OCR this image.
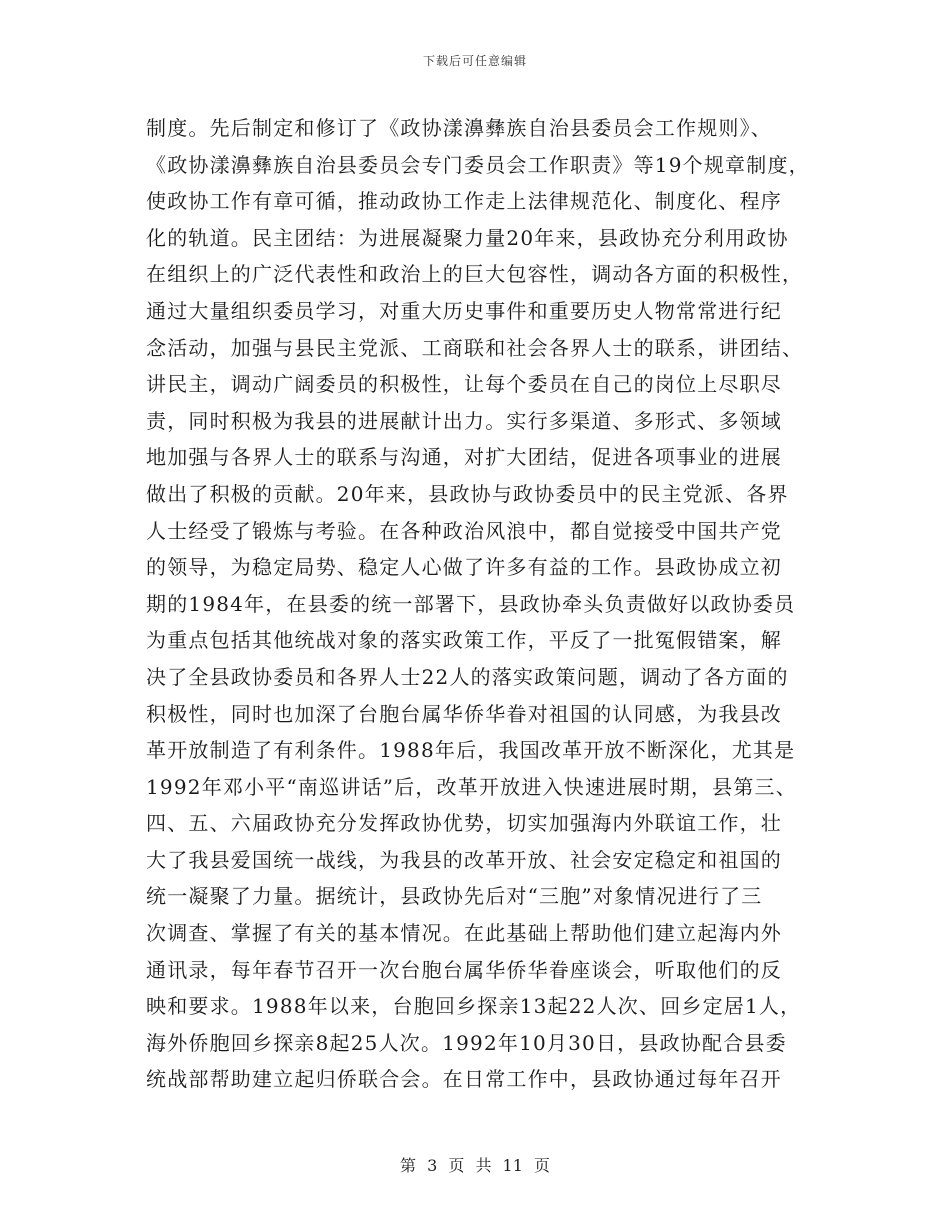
下载后可任意编辑
制度。先后制定和修订了《政协漾濞彝族自治县委员会工作规则》、
《政协漾濞彝族自治县委员会专门委员会工作职责》等19个规章制度，
使政协工作有章可循，推动政协工作走上法律规范化、制度化、程序
化的轨道。民主团结：为进展凝聚力量20年来，县政协充分利用政协
在组织上的广泛代表性和政治上的巨大包容性，调动各方面的积极性，
通过大量组织委员学习，对重大历史事件和重要历史人物常常进行纪
念活动，加强与县民主党派、工商联和社会各界人士的联系，讲团结、
讲民主，调动广阔委员的积极性，让每个委员在自己的岗位上尽职尽
责，同时积极为我县的进展献计出力。实行多渠道、多形式、多领域
地加强与各界人士的联系与沟通，对扩大团结，促进各项事业的进展
做出了积极的贡献。20年来，县政协与政协委员中的民主党派、各界
人士经受了锻炼与考验。在各种政治风浪中，都自觉接受中国共产党
的领导，为稳定局势、稳定人心做了许多有益的工作。县政协成立初
期的1984年，在县委的统一部署下，县政协牵头负责做好以政协委员
为重点包括其他统战对象的落实政策工作，平反了一批冤假错案，解
决了全县政协委员和各界人士22人的落实政策问题，调动了各方面的
积极性，同时也加深了台胞台属华侨华眷对祖国的认同感，为我县改
革开放制造了有利条件。1988年后，我国改革开放不断深化，尤其是
1992年邓小平“南巡讲话”后，改革开放进入快速进展时期，县第三、
四、五、六届政协充分发挥政协优势，切实加强海内外联谊工作，壮
大了我县爱国统一战线，为我县的改革开放、社会安定稳定和祖国的
统一凝聚了力量。据统计，县政协先后对“三胞”对象情况进行了三
次调查、掌握了有关的基本情况。在此基础上帮助他们建立起海内外
通讯录，每年春节召开一次台胞台属华侨华眷座谈会，听取他们的反
映和要求。1988年以来，台胞回乡探亲13起22人次、回乡定居1人，
海外侨胞回乡探亲8起25人次。1992年10月30日，县政协配合县委
统战部帮助建立起归侨联合会。在日常工作中，县政协通过每年召开
第 3 页 共 11 页
